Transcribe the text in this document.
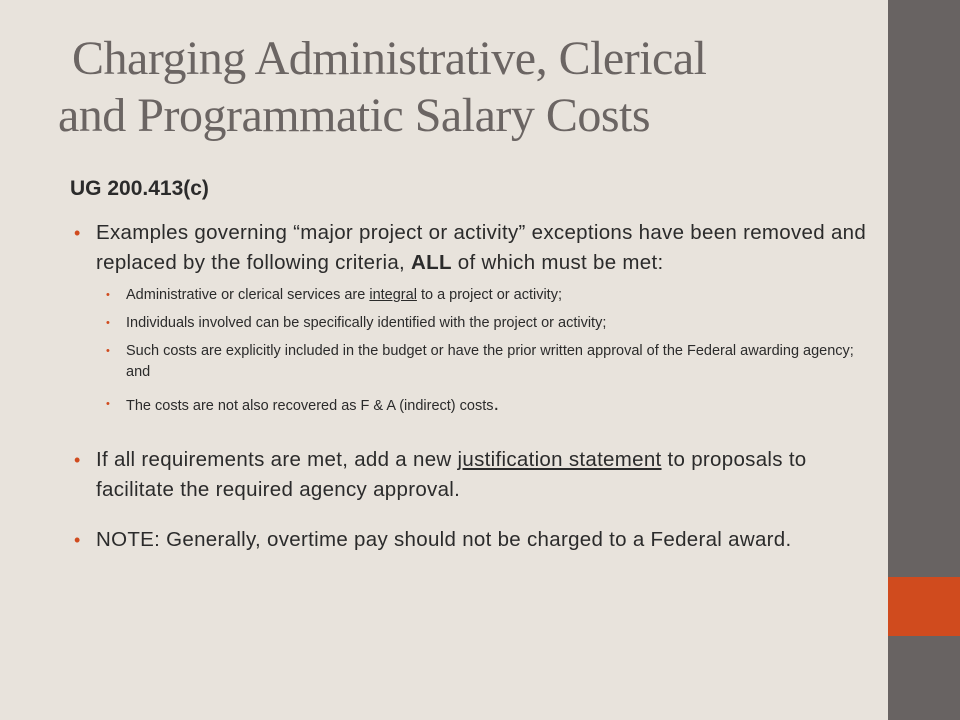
Charging Administrative, Clerical
and Programmatic Salary Costs
UG 200.413(c)
• Examples governing “major project or activity” exceptions have been removed and replaced by the following criteria, ALL of which must be met:
• Administrative or clerical services are integral to a project or activity;
• Individuals involved can be specifically identified with the project or activity;
• Such costs are explicitly included in the budget or have the prior written approval of the Federal awarding agency; and
• The costs are not also recovered as F & A (indirect) costs.
• If all requirements are met, add a new justification statement to proposals to facilitate the required agency approval.
• NOTE: Generally, overtime pay should not be charged to a Federal award.
